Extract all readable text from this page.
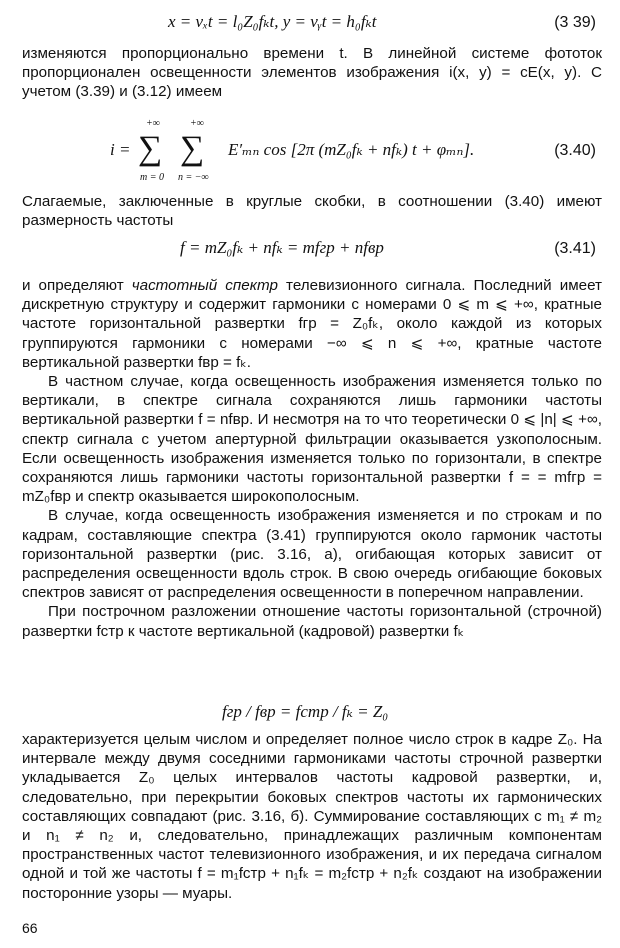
x = vₓt = l₀Z₀fₖt, y = vᵧt = h₀fₖt	(3 39)

изменяются пропорционально времени t. В линейной системе фототок пропорционален освещенности элементов изображения i(x, y) = cE(x, y). С учетом (3.39) и (3.12) имеем

i =
+∞
∑
m = 0
+∞
∑
n = −∞
E′ₘₙ cos [2π (mZ₀fₖ + nfₖ) t + φₘₙ].	(3.40)

Слагаемые, заключенные в круглые скобки, в соотношении (3.40) имеют размерность частоты

f = mZ₀fₖ + nfₖ = mfгр + nfвр	(3.41)

и определяют частотный спектр телевизионного сигнала. Последний имеет дискретную структуру и содержит гармоники с номерами 0 ⩽ m ⩽ +∞, кратные частоте горизонтальной развертки fгр = Z₀fₖ, около каждой из которых группируются гармоники с номерами −∞ ⩽ n ⩽ +∞, кратные частоте вертикальной развертки fвр = fₖ.

В частном случае, когда освещенность изображения изменяется только по вертикали, в спектре сигнала сохраняются лишь гармоники частоты вертикальной развертки f = nfвр. И несмотря на то что теоретически 0 ⩽ |n| ⩽ +∞, спектр сигнала с учетом апертурной фильтрации оказывается узкополосным. Если освещенность изображения изменяется только по горизонтали, в спектре сохраняются лишь гармоники частоты горизонтальной развертки f = = mfгр = mZ₀fвр и спектр оказывается широкополосным.

В случае, когда освещенность изображения изменяется и по строкам и по кадрам, составляющие спектра (3.41) группируются около гармоник частоты горизонтальной развертки (рис. 3.16, а), огибающая которых зависит от распределения освещенности вдоль строк. В свою очередь огибающие боковых спектров зависят от распределения освещенности в поперечном направлении.

При построчном разложении отношение частоты горизонтальной (строчной) развертки fстр к частоте вертикальной (кадровой) развертки fₖ

fгр / fвр = fстр / fₖ = Z₀

характеризуется целым числом и определяет полное число строк в кадре Z₀. На интервале между двумя соседними гармониками частоты строчной развертки укладывается Z₀ целых интервалов частоты кадровой развертки, и, следовательно, при перекрытии боковых спектров частоты их гармонических составляющих совпадают (рис. 3.16, б). Суммирование составляющих с m₁ ≠ m₂ и n₁ ≠ n₂ и, следовательно, принадлежащих различным компонентам пространственных частот телевизионного изображения, и их передача сигналом одной и той же частоты f = m₁fстр + n₁fₖ = m₂fстр + n₂fₖ создают на изображении посторонние узоры — муары.

66
